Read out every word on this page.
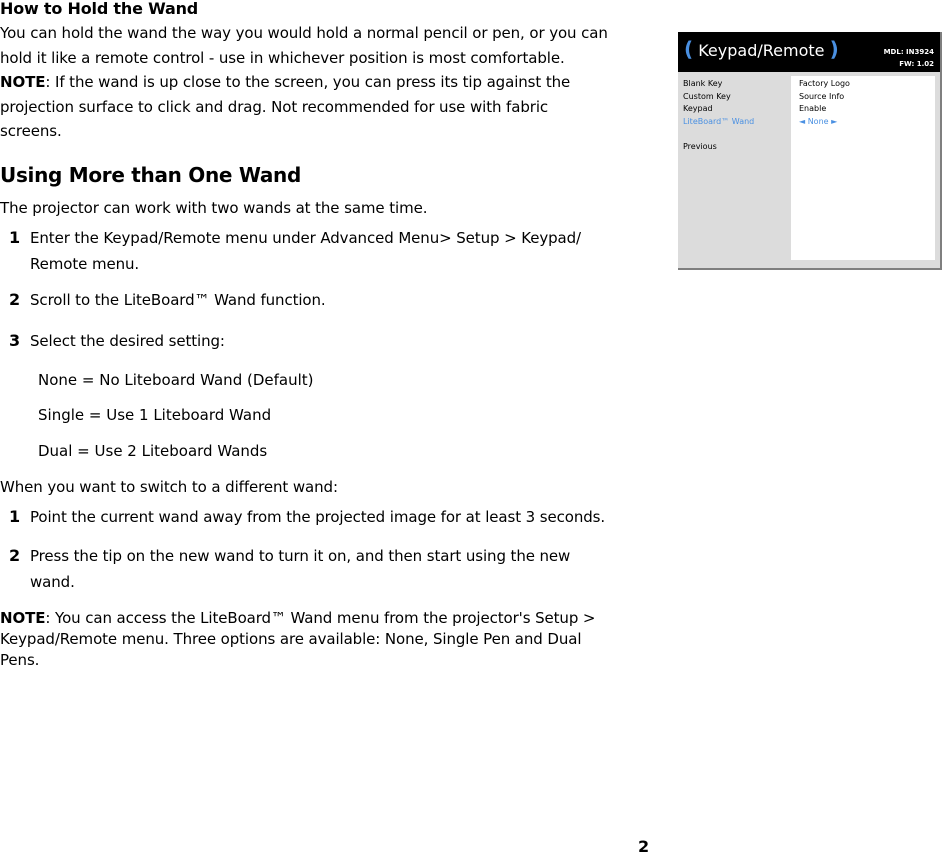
How to Hold the Wand
You can hold the wand the way you would hold a normal pencil or pen, or you can
hold it like a remote control - use in whichever position is most comfortable.
NOTE: If the wand is up close to the screen, you can press its tip against the
projection surface to click and drag. Not recommended for use with fabric
screens.
Using More than One Wand
The projector can work with two wands at the same time.
1 Enter the Keypad/Remote menu under Advanced Menu> Setup > Keypad/
Remote menu.
2 Scroll to the LiteBoard™ Wand function.
3 Select the desired setting:
None = No Liteboard Wand (Default)
Single = Use 1 Liteboard Wand
Dual = Use 2 Liteboard Wands
When you want to switch to a different wand:
1 Point the current wand away from the projected image for at least 3 seconds.
2 Press the tip on the new wand to turn it on, and then start using the new
wand.
NOTE: You can access the LiteBoard™ Wand menu from the projector's Setup >
Keypad/Remote menu. Three options are available: None, Single Pen and Dual
Pens.
( Keypad/Remote )	MDL: IN3924
FW: 1.02
Blank Key
Custom Key
Keypad
LiteBoard™ Wand
Previous
Factory Logo
Source Info
Enable
◄ None ►
2
